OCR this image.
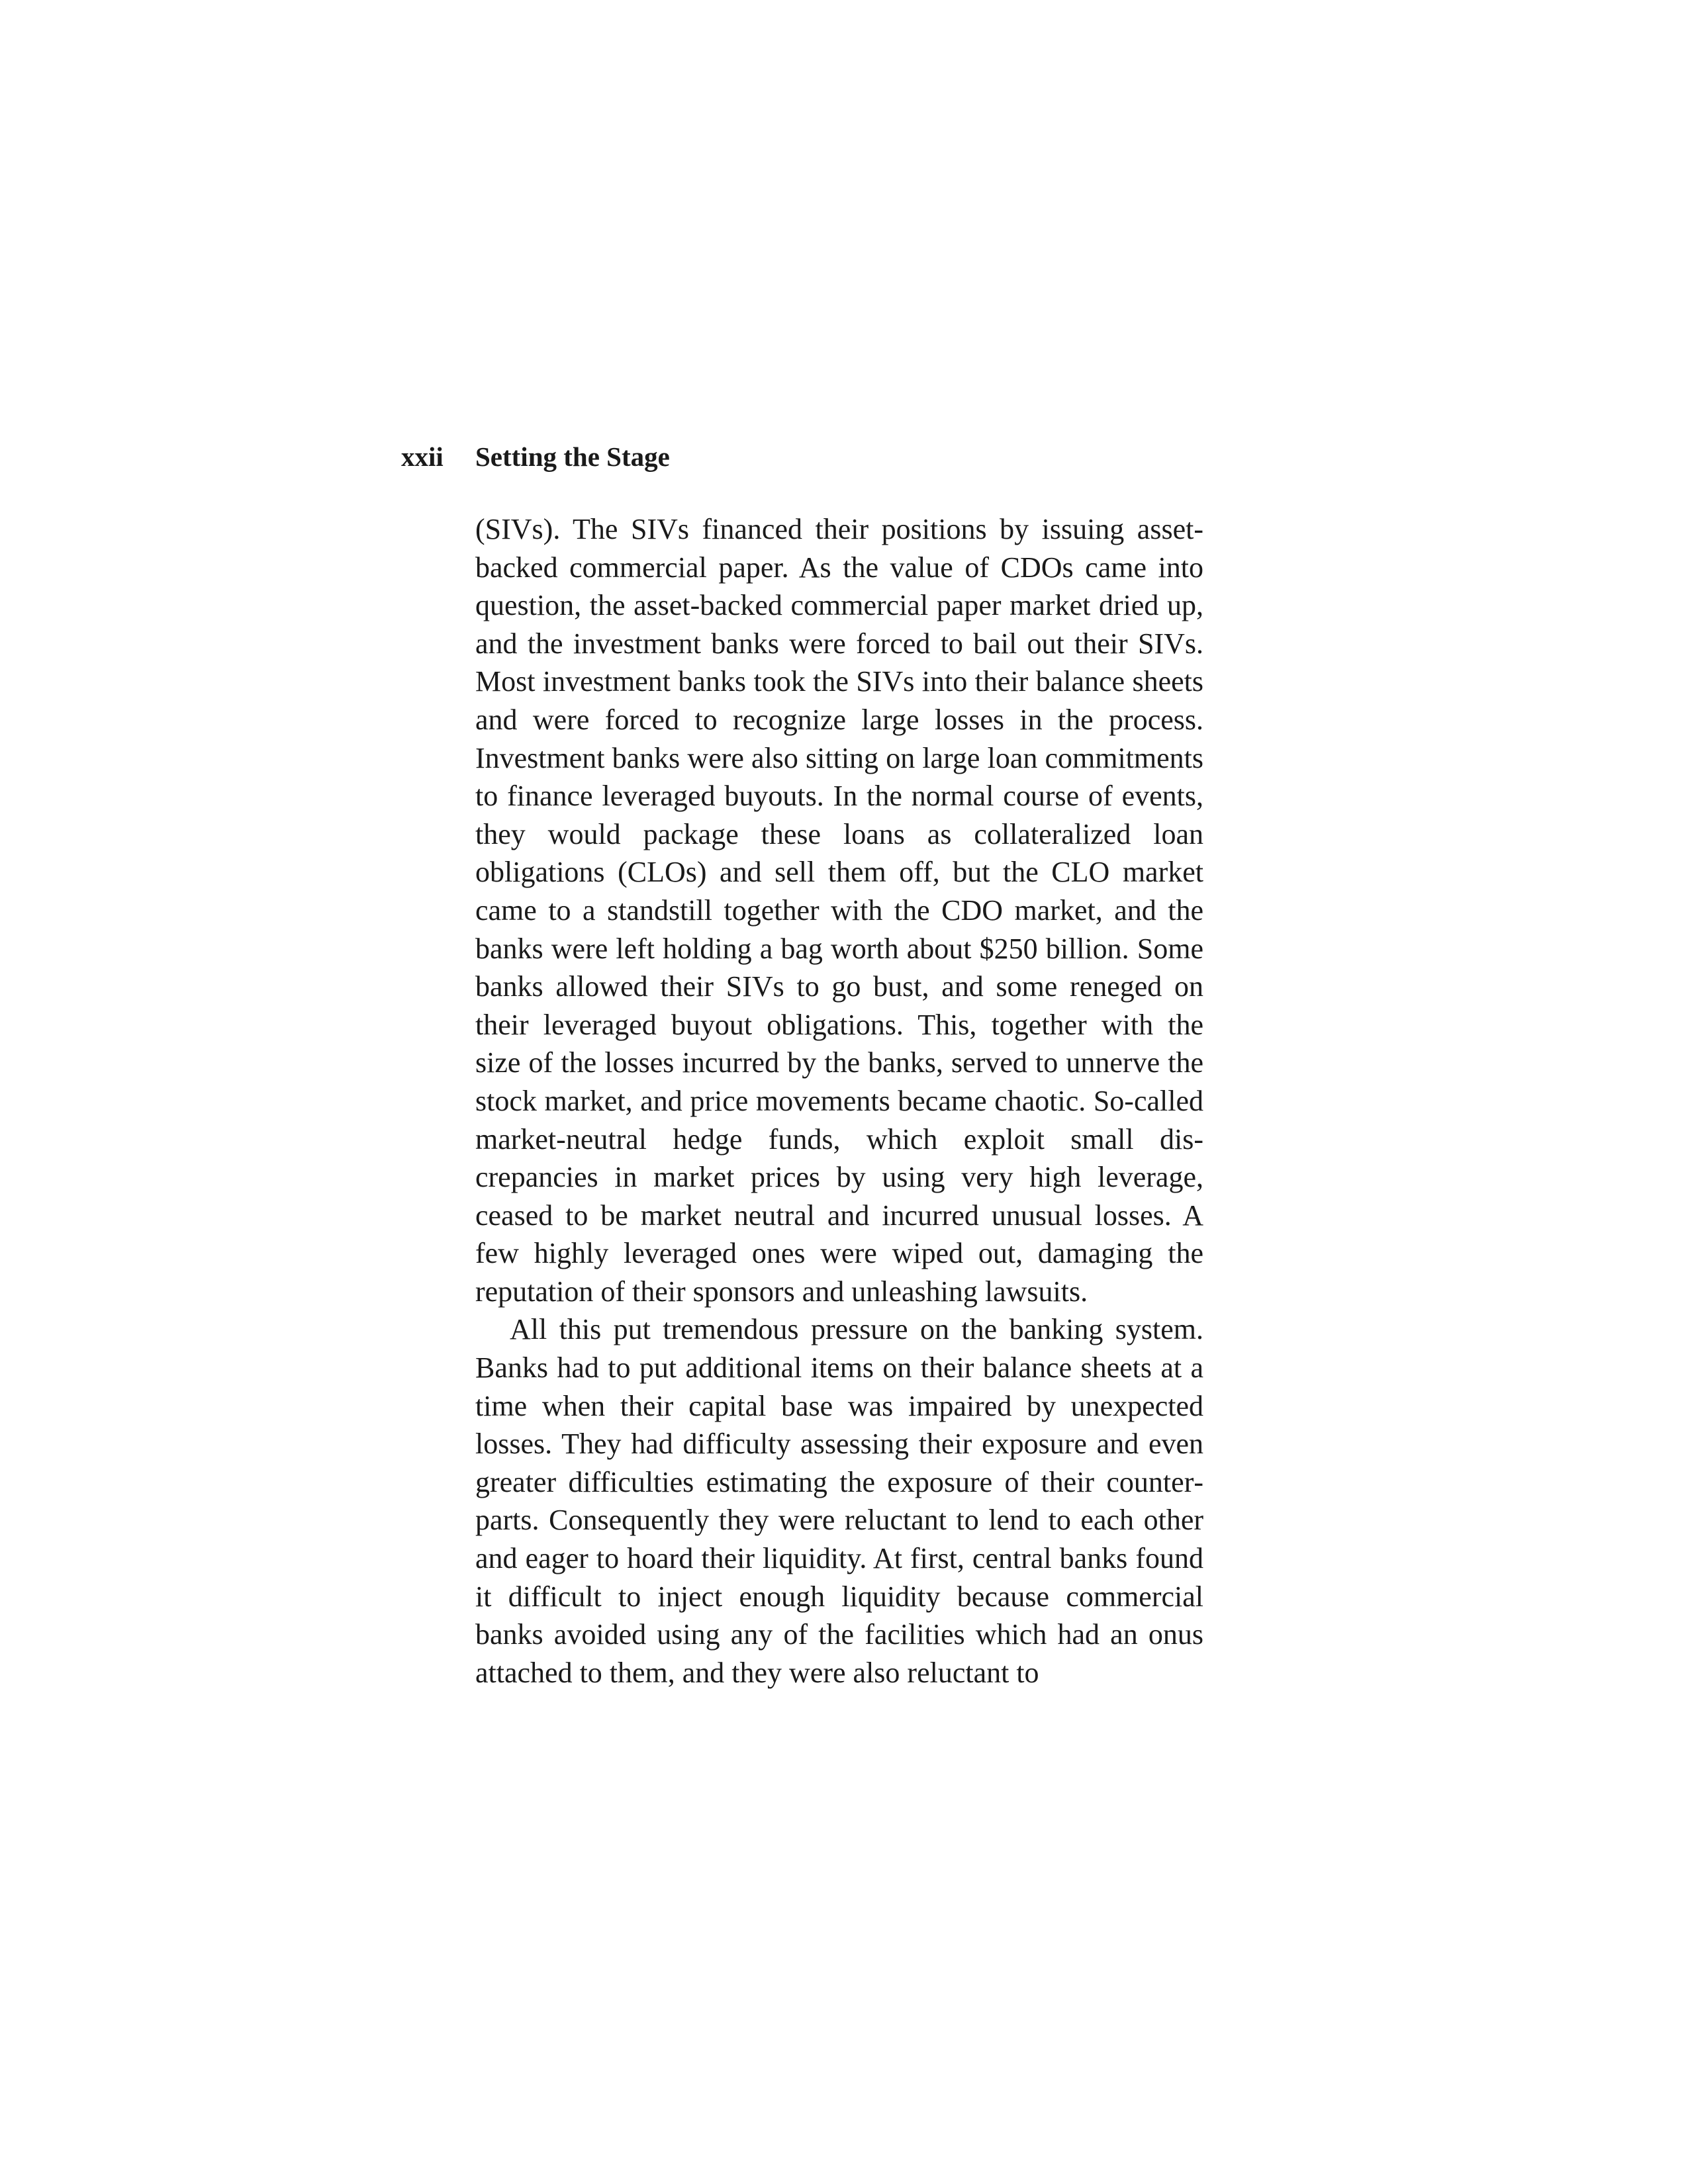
xxii Setting the Stage

(SIVs). The SIVs financed their positions by issuing asset-backed commercial paper. As the value of CDOs came into question, the asset-backed commercial paper market dried up, and the investment banks were forced to bail out their SIVs. Most investment banks took the SIVs into their balance sheets and were forced to recognize large losses in the process. Investment banks were also sitting on large loan commitments to finance leveraged buyouts. In the normal course of events, they would package these loans as collateralized loan obligations (CLOs) and sell them off, but the CLO market came to a standstill together with the CDO market, and the banks were left holding a bag worth about $250 billion. Some banks allowed their SIVs to go bust, and some reneged on their leveraged buyout obligations. This, together with the size of the losses incurred by the banks, served to unnerve the stock market, and price movements became chaotic. So-called market-neutral hedge funds, which exploit small discrepancies in market prices by using very high leverage, ceased to be market neutral and incurred unusual losses. A few highly leveraged ones were wiped out, damaging the reputation of their sponsors and unleashing lawsuits.

All this put tremendous pressure on the banking system. Banks had to put additional items on their balance sheets at a time when their capital base was impaired by unexpected losses. They had difficulty assessing their exposure and even greater difficulties estimating the exposure of their counterparts. Consequently they were reluctant to lend to each other and eager to hoard their liquidity. At first, central banks found it difficult to inject enough liquidity because commercial banks avoided using any of the facilities which had an onus attached to them, and they were also reluctant to
